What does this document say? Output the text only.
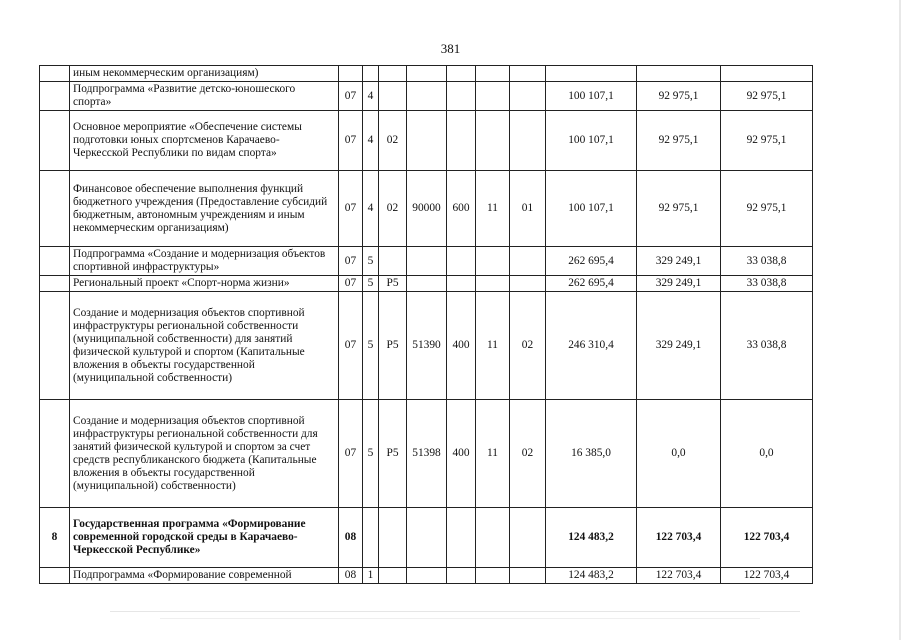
381
	иным некоммерческим организациям)										
	Подпрограмма «Развитие детско-юношеского спорта»	07	4						100 107,1	92 975,1	92 975,1
	Основное мероприятие «Обеспечение системы подготовки юных спортсменов Карачаево-Черкесской Республики по видам спорта»	07	4	02					100 107,1	92 975,1	92 975,1
	Финансовое обеспечение выполнения функций бюджетного учреждения (Предоставление субсидий бюджетным, автономным учреждениям и иным некоммерческим организациям)	07	4	02	90000	600	11	01	100 107,1	92 975,1	92 975,1
	Подпрограмма «Создание и модернизация объектов спортивной инфраструктуры»	07	5						262 695,4	329 249,1	33 038,8
	Региональный проект «Спорт-норма жизни»	07	5	P5					262 695,4	329 249,1	33 038,8
	Создание и модернизация объектов спортивной инфраструктуры региональной собственности (муниципальной собственности) для занятий физической культурой и спортом (Капитальные вложения в объекты государственной (муниципальной собственности)	07	5	P5	51390	400	11	02	246 310,4	329 249,1	33 038,8
	Создание и модернизация объектов спортивной инфраструктуры региональной собственности для занятий физической культурой и спортом за счет средств республиканского бюджета (Капитальные вложения в объекты государственной (муниципальной) собственности)	07	5	P5	51398	400	11	02	16 385,0	0,0	0,0
8	Государственная программа «Формирование современной городской среды в Карачаево-Черкесской Республике»	08							124 483,2	122 703,4	122 703,4
	Подпрограмма «Формирование современной	08	1						124 483,2	122 703,4	122 703,4
